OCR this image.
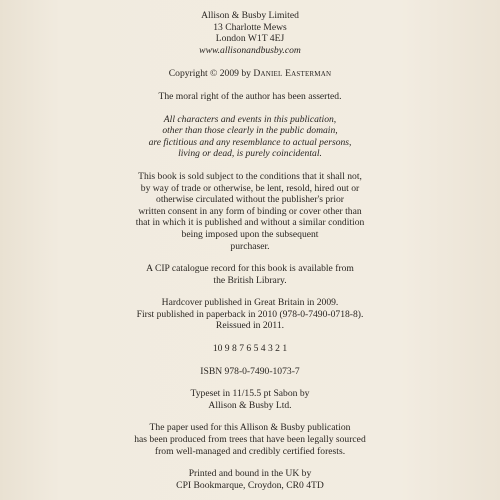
Allison & Busby Limited
13 Charlotte Mews
London W1T 4EJ
www.allisonandbusby.com
Copyright © 2009 by Daniel Easterman
The moral right of the author has been asserted.
All characters and events in this publication,
other than those clearly in the public domain,
are fictitious and any resemblance to actual persons,
living or dead, is purely coincidental.
This book is sold subject to the conditions that it shall not,
by way of trade or otherwise, be lent, resold, hired out or
otherwise circulated without the publisher's prior
written consent in any form of binding or cover other than
that in which it is published and without a similar condition
being imposed upon the subsequent
purchaser.
A CIP catalogue record for this book is available from
the British Library.
Hardcover published in Great Britain in 2009.
First published in paperback in 2010 (978-0-7490-0718-8).
Reissued in 2011.
10 9 8 7 6 5 4 3 2 1
ISBN 978-0-7490-1073-7
Typeset in 11/15.5 pt Sabon by
Allison & Busby Ltd.
The paper used for this Allison & Busby publication
has been produced from trees that have been legally sourced
from well-managed and credibly certified forests.
Printed and bound in the UK by
CPI Bookmarque, Croydon, CR0 4TD
